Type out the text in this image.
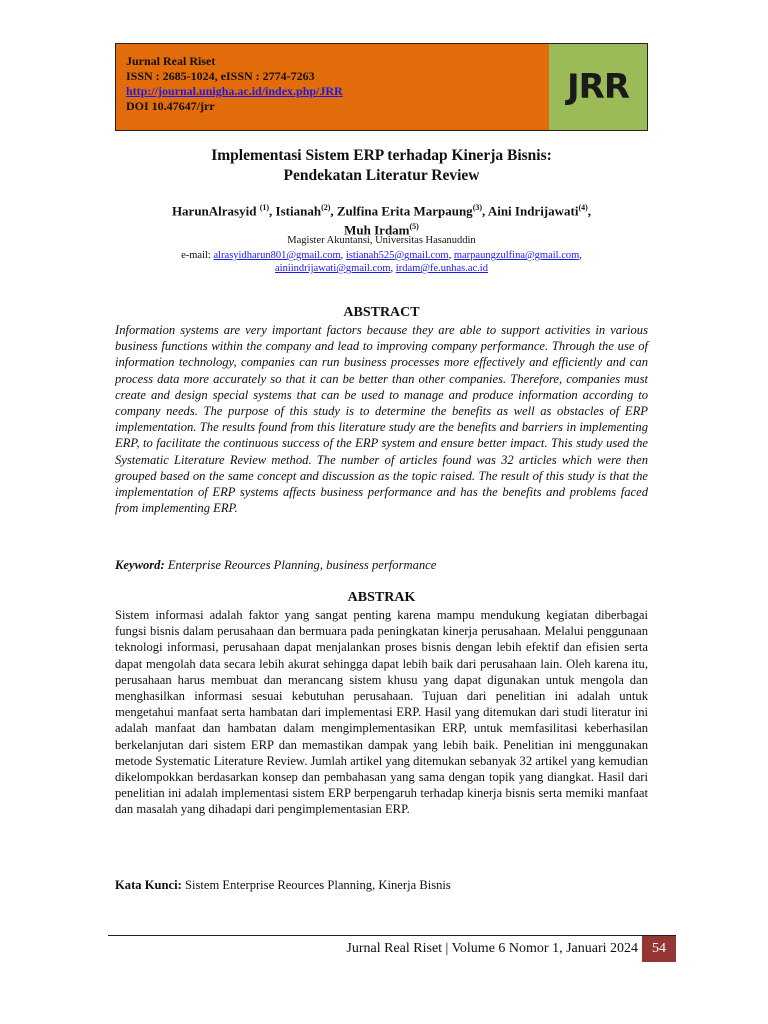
Jurnal Real Riset
ISSN : 2685-1024, eISSN : 2774-7263
http://journal.unigha.ac.id/index.php/JRR
DOI 10.47647/jrr	JRR
Implementasi Sistem ERP terhadap Kinerja Bisnis:
Pendekatan Literatur Review
HarunAlrasyid $^{(1)}$, Istianah$^{(2)}$, Zulfina Erita Marpaung$^{(3)}$, Aini Indrijawati$^{(4)}$,
Muh Irdam$^{(5)}$
Magister Akuntansi, Universitas Hasanuddin
e-mail: alrasyidharun801@gmail.com, istianah525@gmail.com, marpaungzulfina@gmail.com,
ainiindrijawati@gmail.com, irdam@fe.unhas.ac.id
ABSTRACT
Information systems are very important factors because they are able to support activities in various business functions within the company and lead to improving company performance. Through the use of information technology, companies can run business processes more effectively and efficiently and can process data more accurately so that it can be better than other companies. Therefore, companies must create and design special systems that can be used to manage and produce information according to company needs. The purpose of this study is to determine the benefits as well as obstacles of ERP implementation. The results found from this literature study are the benefits and barriers in implementing ERP, to facilitate the continuous success of the ERP system and ensure better impact. This study used the Systematic Literature Review method. The number of articles found was 32 articles which were then grouped based on the same concept and discussion as the topic raised. The result of this study is that the implementation of ERP systems affects business performance and has the benefits and problems faced from implementing ERP.
Keyword: Enterprise Reources Planning, business performance
ABSTRAK
Sistem informasi adalah faktor yang sangat penting karena mampu mendukung kegiatan diberbagai fungsi bisnis dalam perusahaan dan bermuara pada peningkatan kinerja perusahaan. Melalui penggunaan teknologi informasi, perusahaan dapat menjalankan proses bisnis dengan lebih efektif dan efisien serta dapat mengolah data secara lebih akurat sehingga dapat lebih baik dari perusahaan lain. Oleh karena itu, perusahaan harus membuat dan merancang sistem khusu yang dapat digunakan untuk mengola dan menghasilkan informasi sesuai kebutuhan perusahaan. Tujuan dari penelitian ini adalah untuk mengetahui manfaat serta hambatan dari implementasi ERP. Hasil yang ditemukan dari studi literatur ini adalah manfaat dan hambatan dalam mengimplementasikan ERP, untuk memfasilitasi keberhasilan berkelanjutan dari sistem ERP dan memastikan dampak yang lebih baik. Penelitian ini menggunakan metode Systematic Literature Review. Jumlah artikel yang ditemukan sebanyak 32 artikel yang kemudian dikelompokkan berdasarkan konsep dan pembahasan yang sama dengan topik yang diangkat. Hasil dari penelitian ini adalah implementasi sistem ERP berpengaruh terhadap kinerja bisnis serta memiki manfaat dan masalah yang dihadapi dari pengimplementasian ERP.
Kata Kunci: Sistem Enterprise Reources Planning, Kinerja Bisnis
Jurnal Real Riset | Volume 6 Nomor 1, Januari 2024	54
